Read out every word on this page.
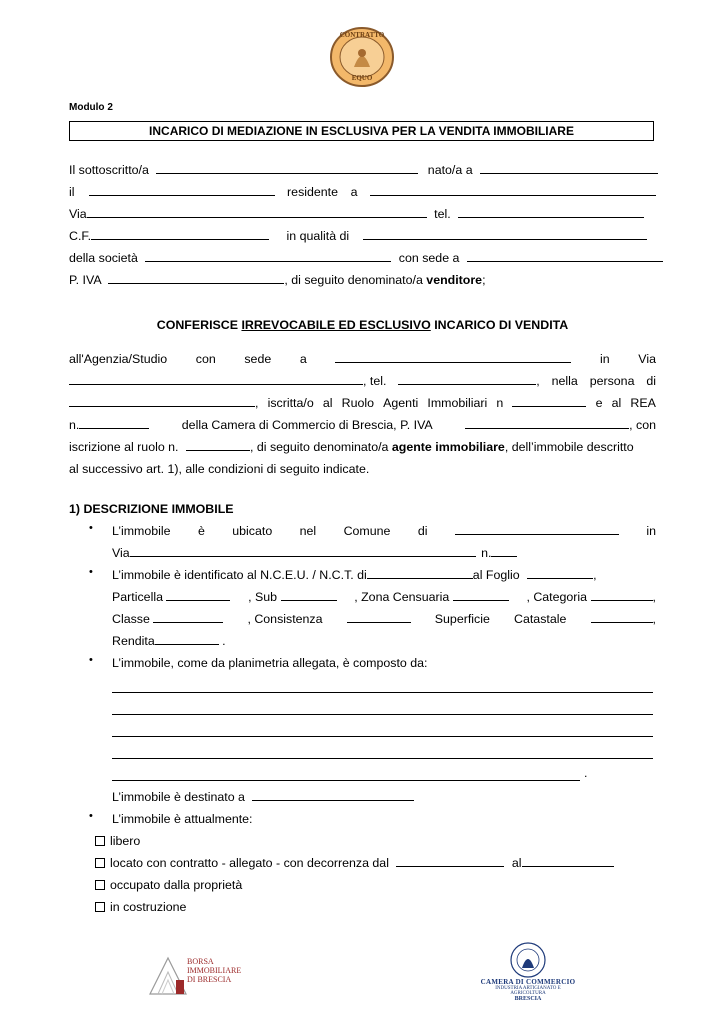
CONTRATTO
EQUO
Modulo 2
INCARICO DI MEDIAZIONE IN ESCLUSIVA PER LA VENDITA IMMOBILIARE
Il sottoscritto/a	nato/a a
il	residente a
Via	tel.
C.F.	in qualità di
della società	con sede a
P. IVA	, di seguito denominato/a venditore;
CONFERISCE IRREVOCABILE ED ESCLUSIVO INCARICO DI VENDITA
all'Agenzia/Studio con sede a	in Via
, tel.	, nella persona di
, iscritta/o al Ruolo Agenti Immobiliari n	e al REA
n.	della Camera di Commercio di Brescia, P. IVA	, con
iscrizione al ruolo n.	, di seguito denominato/a agente immobiliare, dell’immobile descritto
al successivo art. 1), alle condizioni di seguito indicate.
1) DESCRIZIONE IMMOBILE
• L’immobile è ubicato nel Comune di	in
Via	n.
• L’immobile è identificato al N.C.E.U. / N.C.T. di	al Foglio	,
Particella	, Sub	, Zona Censuaria	, Categoria	,
Classe	, Consistenza	Superficie Catastale	,
Rendita	.
• L’immobile, come da planimetria allegata, è composto da:
.
L’immobile è destinato a
• L’immobile è attualmente:
libero
locato con contratto - allegato - con decorrenza dal	al
occupato dalla proprietà
in costruzione
BORSA
IMMOBILIARE
DI BRESCIA	CAMERA DI COMMERCIO
INDUSTRIA ARTIGIANATO E AGRICOLTURA
BRESCIA
